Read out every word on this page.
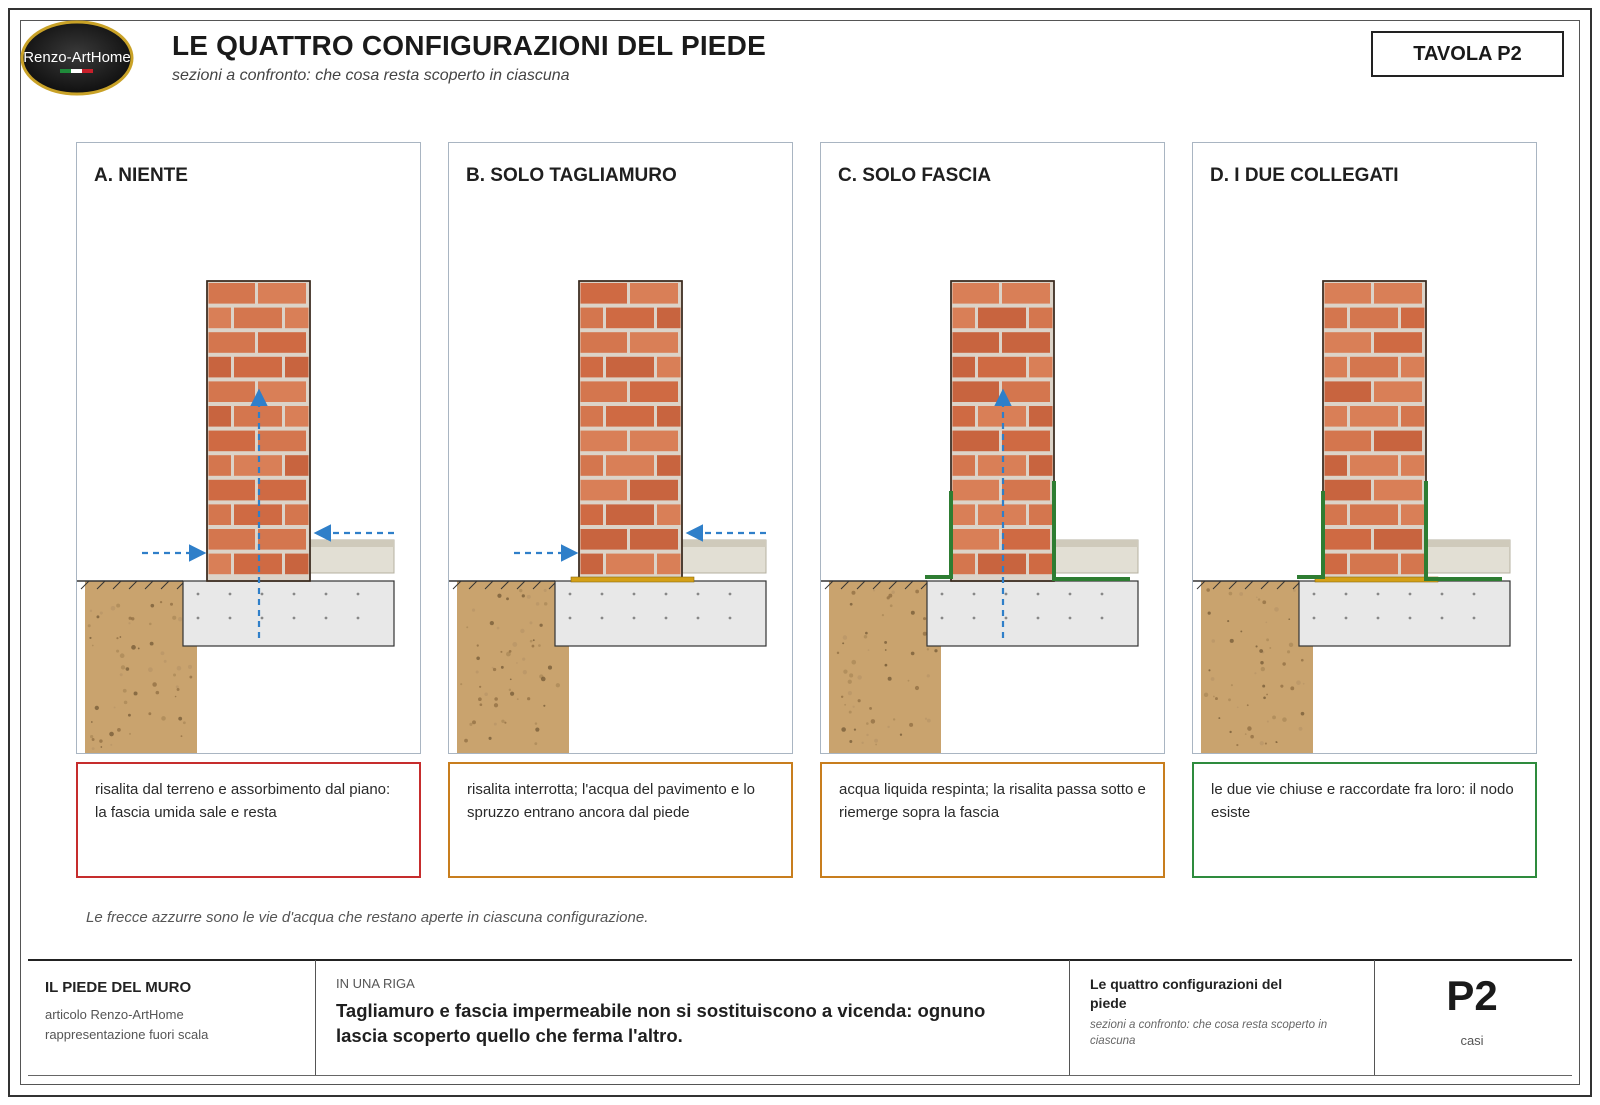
Renzo-ArtHome LE QUATTRO CONFIGURAZIONI DEL PIEDE
sezioni a confronto: che cosa resta scoperto in ciascuna
TAVOLA P2
A. NIENTE	B. SOLO TAGLIAMURO	C. SOLO FASCIA	D. I DUE COLLEGATI
risalita dal terreno e assorbimento dal piano: la fascia umida sale e resta
risalita interrotta; l'acqua del pavimento e lo spruzzo entrano ancora dal piede
acqua liquida respinta; la risalita passa sotto e riemerge sopra la fascia
le due vie chiuse e raccordate fra loro: il nodo esiste
Le frecce azzurre sono le vie d'acqua che restano aperte in ciascuna configurazione.
IL PIEDE DEL MURO
articolo Renzo-ArtHome
rappresentazione fuori scala
IN UNA RIGA
Tagliamuro e fascia impermeabile non si sostituiscono a vicenda: ognuno lascia scoperto quello che ferma l'altro.
Le quattro configurazioni del piede
sezioni a confronto: che cosa resta scoperto in ciascuna
P2
casi
